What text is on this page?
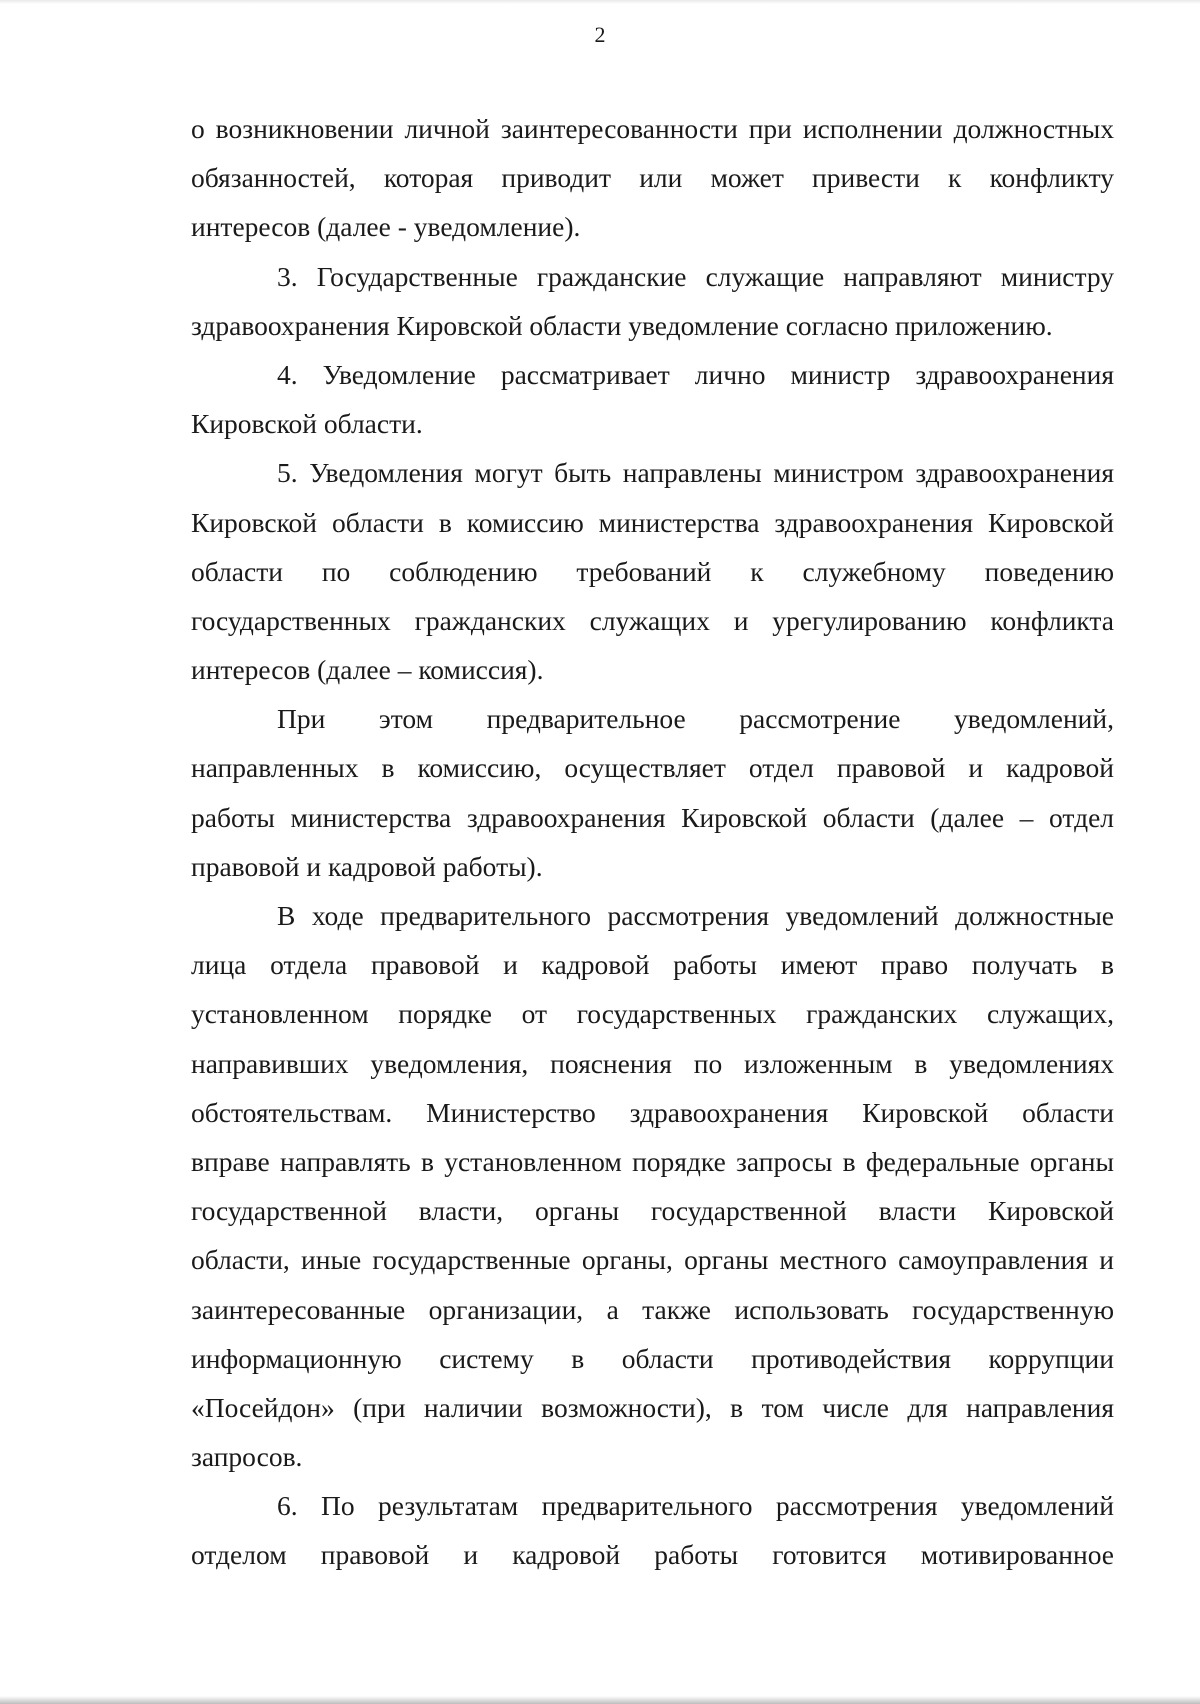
2
о возникновении личной заинтересованности при исполнении должностных
обязанностей, которая приводит или может привести к конфликту
интересов (далее - уведомление).
3. Государственные гражданские служащие направляют министру
здравоохранения Кировской области уведомление согласно приложению.
4. Уведомление рассматривает лично министр здравоохранения
Кировской области.
5. Уведомления могут быть направлены министром здравоохранения
Кировской области в комиссию министерства здравоохранения Кировской
области по соблюдению требований к служебному поведению
государственных гражданских служащих и урегулированию конфликта
интересов (далее – комиссия).
При этом предварительное рассмотрение уведомлений,
направленных в комиссию, осуществляет отдел правовой и кадровой
работы министерства здравоохранения Кировской области (далее – отдел
правовой и кадровой работы).
В ходе предварительного рассмотрения уведомлений должностные
лица отдела правовой и кадровой работы имеют право получать в
установленном порядке от государственных гражданских служащих,
направивших уведомления, пояснения по изложенным в уведомлениях
обстоятельствам. Министерство здравоохранения Кировской области
вправе направлять в установленном порядке запросы в федеральные органы
государственной власти, органы государственной власти Кировской
области, иные государственные органы, органы местного самоуправления и
заинтересованные организации, а также использовать государственную
информационную систему в области противодействия коррупции
«Посейдон» (при наличии возможности), в том числе для направления
запросов.
6. По результатам предварительного рассмотрения уведомлений
отделом правовой и кадровой работы готовится мотивированное
